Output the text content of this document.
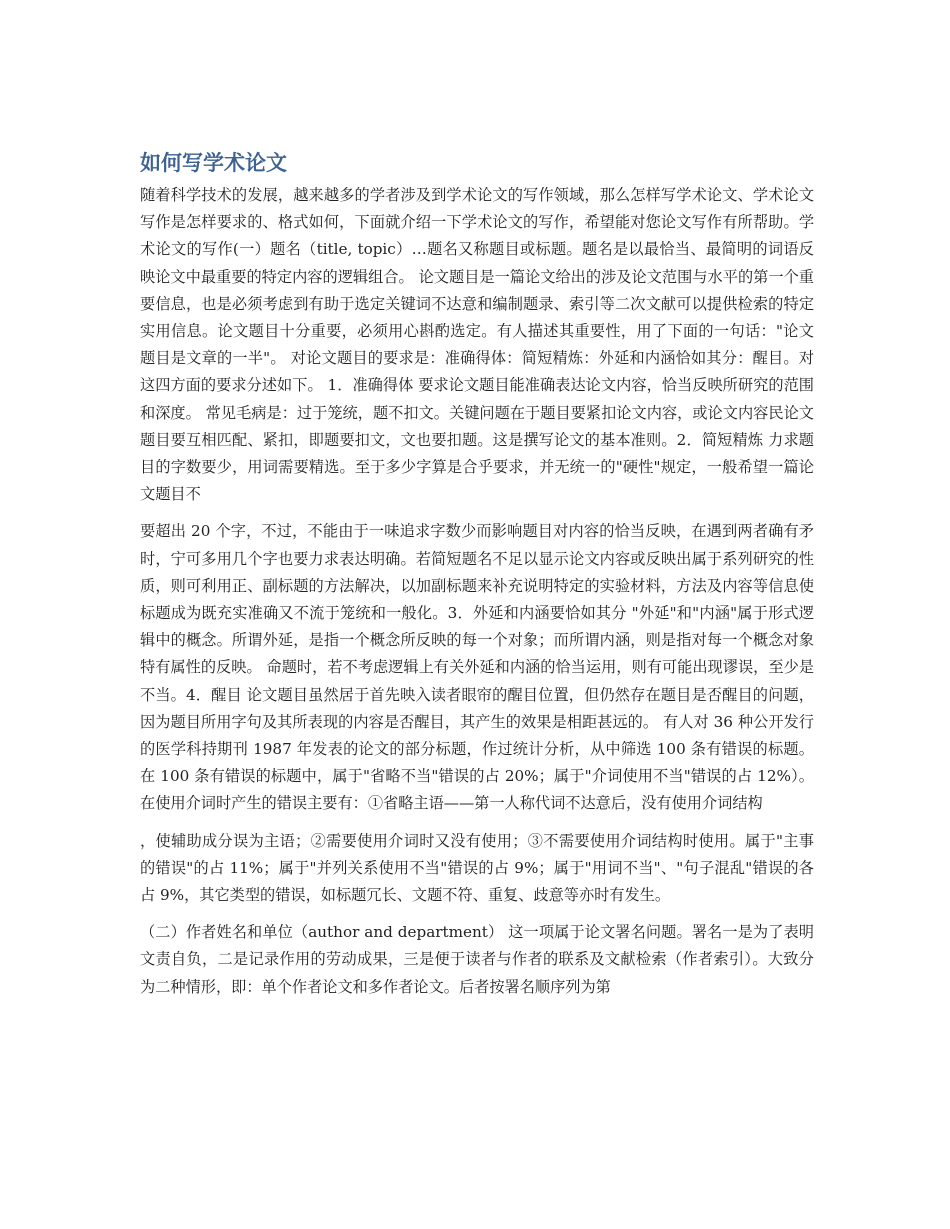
如何写学术论文

随着科学技术的发展，越来越多的学者涉及到学术论文的写作领域，那么怎样写学术论文、学术论文写作是怎样要求的、格式如何，下面就介绍一下学术论文的写作，希望能对您论文写作有所帮助。学术论文的写作(一）题名（title, topic）…题名又称题目或标题。题名是以最恰当、最简明的词语反映论文中最重要的特定内容的逻辑组合。 论文题目是一篇论文给出的涉及论文范围与水平的第一个重要信息，也是必须考虑到有助于选定关键词不达意和编制题录、索引等二次文献可以提供检索的特定实用信息。论文题目十分重要，必须用心斟酌选定。有人描述其重要性，用了下面的一句话："论文题目是文章的一半"。 对论文题目的要求是：准确得体：简短精炼：外延和内涵恰如其分：醒目。对这四方面的要求分述如下。 1．准确得体 要求论文题目能准确表达论文内容，恰当反映所研究的范围和深度。 常见毛病是：过于笼统，题不扣文。关键问题在于题目要紧扣论文内容，或论文内容民论文题目要互相匹配、紧扣，即题要扣文，文也要扣题。这是撰写论文的基本准则。2．简短精炼 力求题目的字数要少，用词需要精选。至于多少字算是合乎要求，并无统一的"硬性"规定，一般希望一篇论文题目不

要超出 20 个字，不过，不能由于一味追求字数少而影响题目对内容的恰当反映，在遇到两者确有矛时，宁可多用几个字也要力求表达明确。若简短题名不足以显示论文内容或反映出属于系列研究的性质，则可利用正、副标题的方法解决，以加副标题来补充说明特定的实验材料，方法及内容等信息使标题成为既充实准确又不流于笼统和一般化。3．外延和内涵要恰如其分 "外延"和"内涵"属于形式逻辑中的概念。所谓外延，是指一个概念所反映的每一个对象；而所谓内涵，则是指对每一个概念对象特有属性的反映。 命题时，若不考虑逻辑上有关外延和内涵的恰当运用，则有可能出现谬误，至少是不当。4．醒目 论文题目虽然居于首先映入读者眼帘的醒目位置，但仍然存在题目是否醒目的问题，因为题目所用字句及其所表现的内容是否醒目，其产生的效果是相距甚远的。 有人对 36 种公开发行的医学科持期刊 1987 年发表的论文的部分标题，作过统计分析，从中筛选 100 条有错误的标题。在 100 条有错误的标题中，属于"省略不当"错误的占 20%；属于"介词使用不当"错误的占 12%）。在使用介词时产生的错误主要有：①省略主语——第一人称代词不达意后，没有使用介词结构

，使辅助成分误为主语；②需要使用介词时又没有使用；③不需要使用介词结构时使用。属于"主事的错误"的占 11%；属于"并列关系使用不当"错误的占 9%；属于"用词不当"、"句子混乱"错误的各占 9%，其它类型的错误，如标题冗长、文题不符、重复、歧意等亦时有发生。

（二）作者姓名和单位（author and department） 这一项属于论文署名问题。署名一是为了表明文责自负，二是记录作用的劳动成果，三是便于读者与作者的联系及文献检索（作者索引）。大致分为二种情形，即：单个作者论文和多作者论文。后者按署名顺序列为第
